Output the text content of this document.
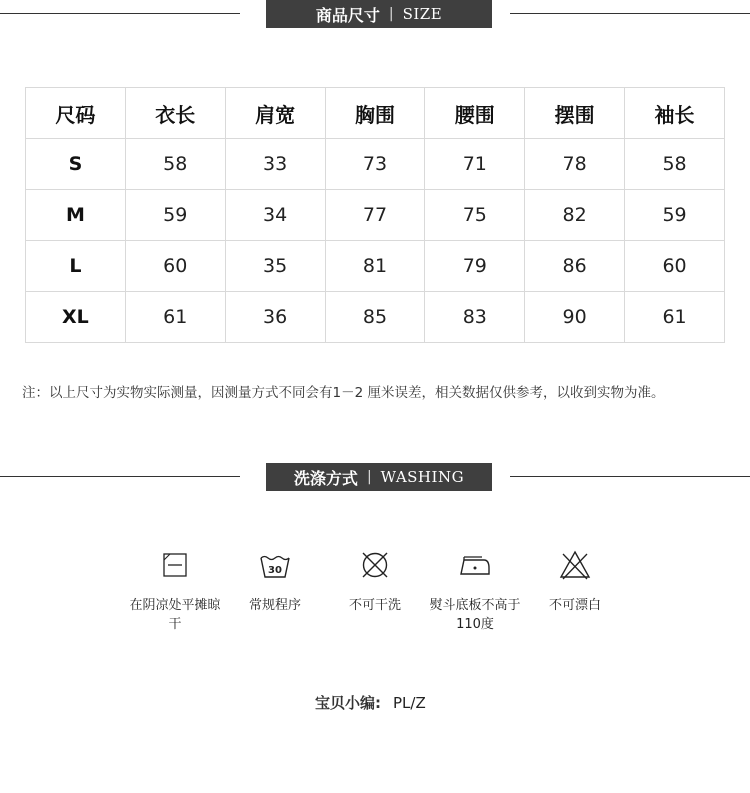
商品尺寸 | SIZE
尺码	衣长	肩宽	胸围	腰围	摆围	袖长
S	58	33	73	71	78	58
M	59	34	77	75	82	59
L	60	35	81	79	86	60
XL	61	36	85	83	90	61
注：以上尺寸为实物实际测量，因测量方式不同会有1－2 厘米误差，相关数据仅供参考，以收到实物为准。
洗涤方式 | WASHING
在阴凉处平摊晾干
30
常规程序	不可干洗	熨斗底板不高于110度
不可漂白
宝贝小编: PL/Z
